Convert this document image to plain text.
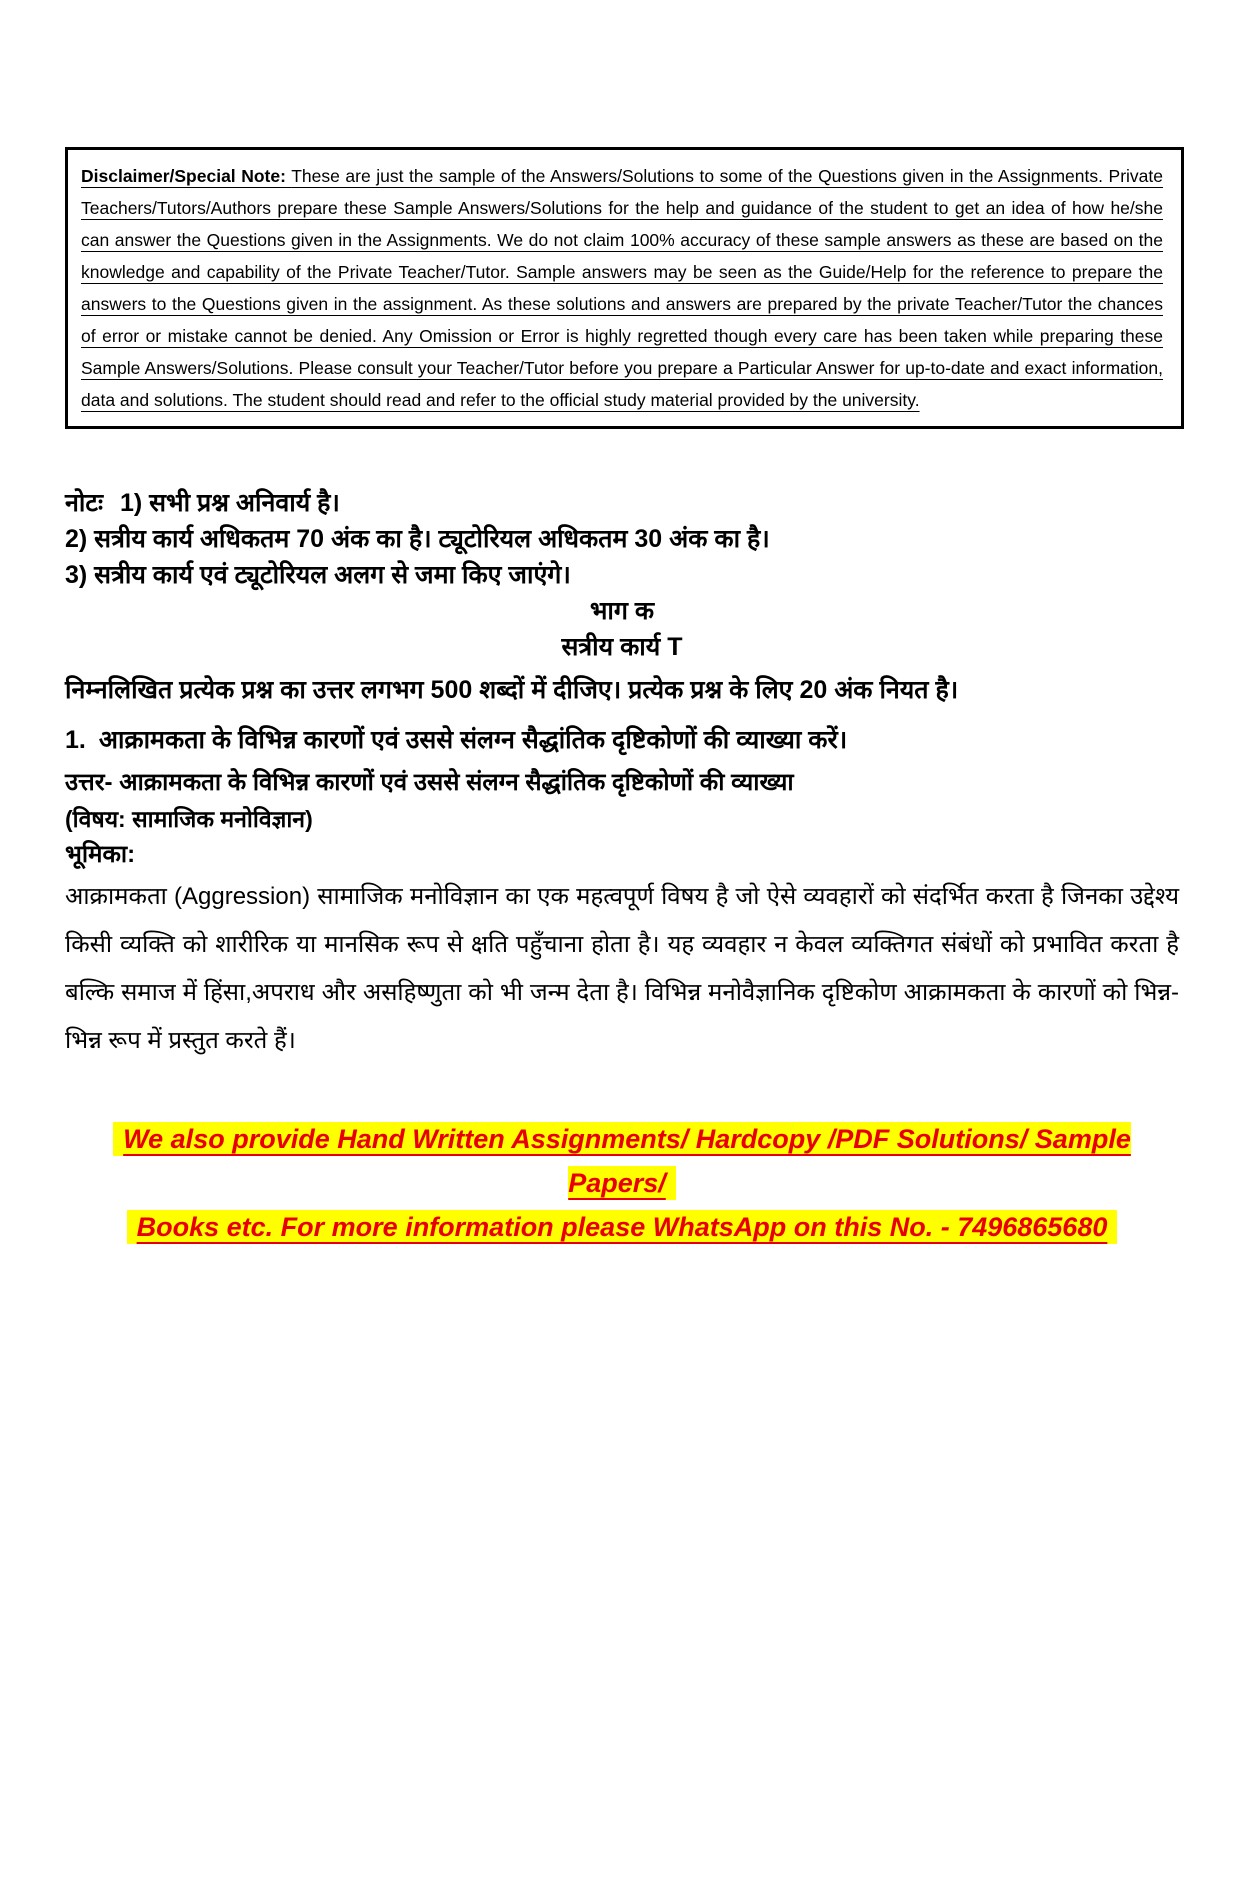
Disclaimer/Special Note: These are just the sample of the Answers/Solutions to some of the Questions given in the Assignments. Private Teachers/Tutors/Authors prepare these Sample Answers/Solutions for the help and guidance of the student to get an idea of how he/she can answer the Questions given in the Assignments. We do not claim 100% accuracy of these sample answers as these are based on the knowledge and capability of the Private Teacher/Tutor. Sample answers may be seen as the Guide/Help for the reference to prepare the answers to the Questions given in the assignment. As these solutions and answers are prepared by the private Teacher/Tutor the chances of error or mistake cannot be denied. Any Omission or Error is highly regretted though every care has been taken while preparing these Sample Answers/Solutions. Please consult your Teacher/Tutor before you prepare a Particular Answer for up-to-date and exact information, data and solutions. The student should read and refer to the official study material provided by the university.

नोटः 1) सभी प्रश्न अनिवार्य है।

2) सत्रीय कार्य अधिकतम 70 अंक का है। ट्यूटोरियल अधिकतम 30 अंक का है।

3) सत्रीय कार्य एवं ट्यूटोरियल अलग से जमा किए जाएंगे।

भाग क

सत्रीय कार्य T

निम्नलिखित प्रत्येक प्रश्न का उत्तर लगभग 500 शब्दों में दीजिए। प्रत्येक प्रश्न के लिए 20 अंक नियत है।

1. आक्रामकता के विभिन्न कारणों एवं उससे संलग्न सैद्धांतिक दृष्टिकोणों की व्याख्या करें।

उत्तर- आक्रामकता के विभिन्न कारणों एवं उससे संलग्न सैद्धांतिक दृष्टिकोणों की व्याख्या

(विषय: सामाजिक मनोविज्ञान)

भूमिका:

आक्रामकता (Aggression) सामाजिक मनोविज्ञान का एक महत्वपूर्ण विषय है जो ऐसे व्यवहारों को संदर्भित करता है जिनका उद्देश्य किसी व्यक्ति को शारीरिक या मानसिक रूप से क्षति पहुँचाना होता है। यह व्यवहार न केवल व्यक्तिगत संबंधों को प्रभावित करता है बल्कि समाज में हिंसा,अपराध और असहिष्णुता को भी जन्म देता है। विभिन्न मनोवैज्ञानिक दृष्टिकोण आक्रामकता के कारणों को भिन्न-भिन्न रूप में प्रस्तुत करते हैं।

We also provide Hand Written Assignments/ Hardcopy /PDF Solutions/ Sample Papers/
Books etc. For more information please WhatsApp on this No. - 7496865680
